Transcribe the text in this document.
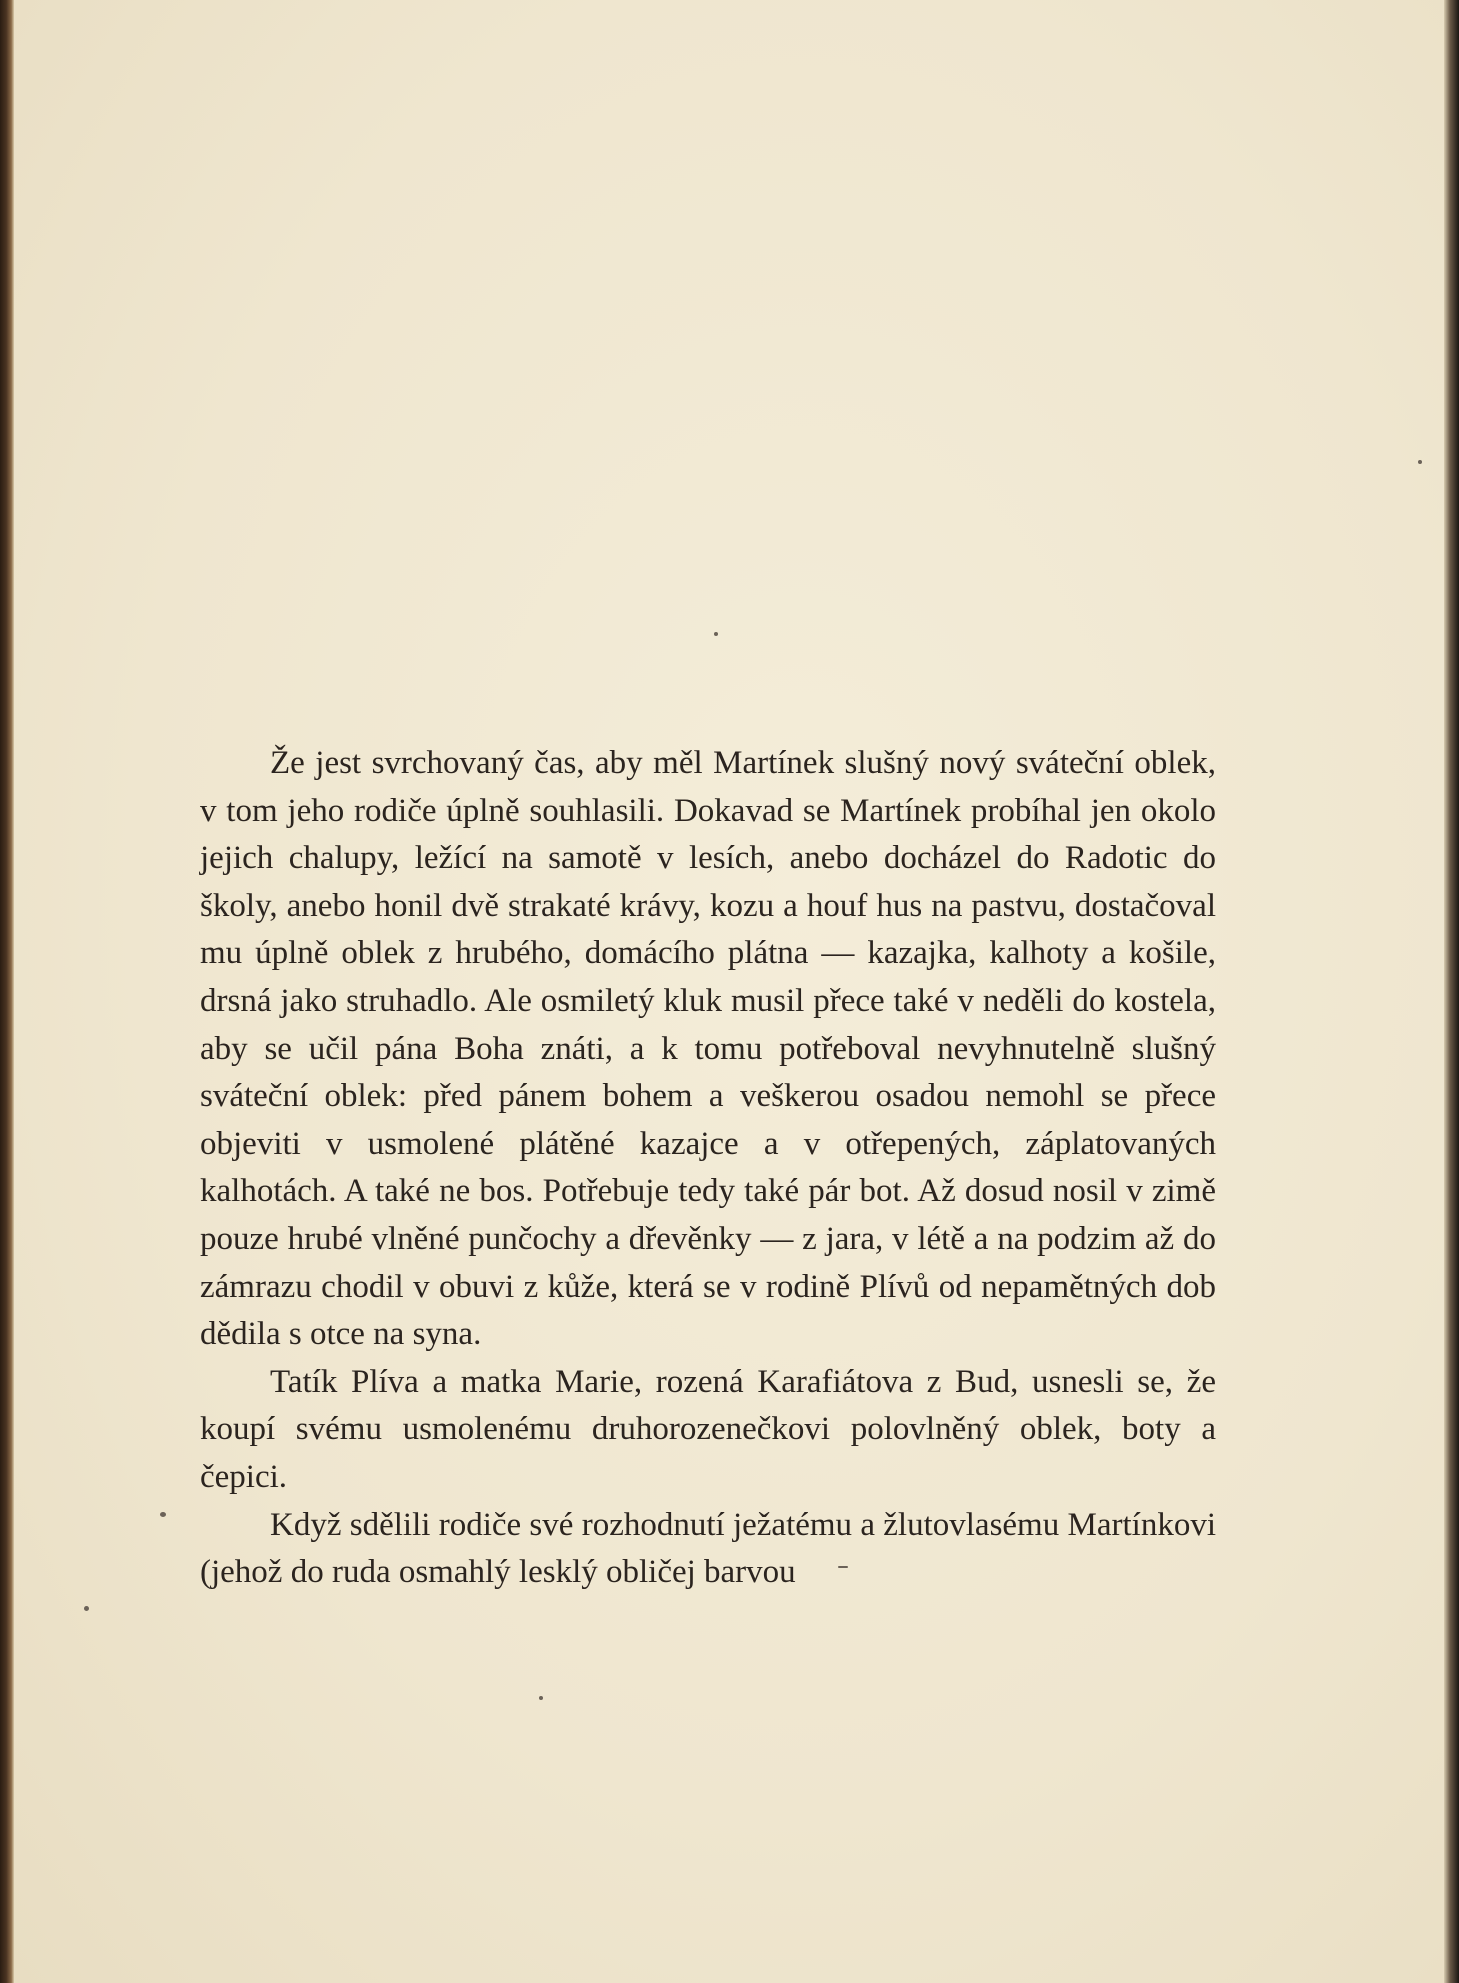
Že jest svrchovaný čas, aby měl Martínek slušný nový sváteční oblek, v tom jeho rodiče úplně souhlasili. Dokavad se Martínek probíhal jen okolo jejich chalupy, ležící na samotě v lesích, anebo docházel do Radotic do školy, anebo honil dvě strakaté krávy, kozu a houf hus na pastvu, dostačoval mu úplně oblek z hrubého, domácího plátna — kazajka, kalhoty a košile, drsná jako struhadlo. Ale osmiletý kluk musil přece také v neděli do kostela, aby se učil pána Boha znáti, a k tomu potřeboval nevyhnutelně slušný sváteční oblek: před pánem bohem a veškerou osadou nemohl se přece objeviti v usmolené plátěné kazajce a v otřepených, záplatovaných kalhotách. A také ne bos. Potřebuje tedy také pár bot. Až dosud nosil v zimě pouze hrubé vlněné punčochy a dřevěnky — z jara, v létě a na podzim až do zámrazu chodil v obuvi z kůže, která se v rodině Plívů od nepamětných dob dědila s otce na syna.

Tatík Plíva a matka Marie, rozená Karafiátova z Bud, usnesli se, že koupí svému usmolenému druhorozenečkovi polovlněný oblek, boty a čepici.

Když sdělili rodiče své rozhodnutí ježatému a žlutovlasému Martínkovi (jehož do ruda osmahlý lesklý obličej barvou
